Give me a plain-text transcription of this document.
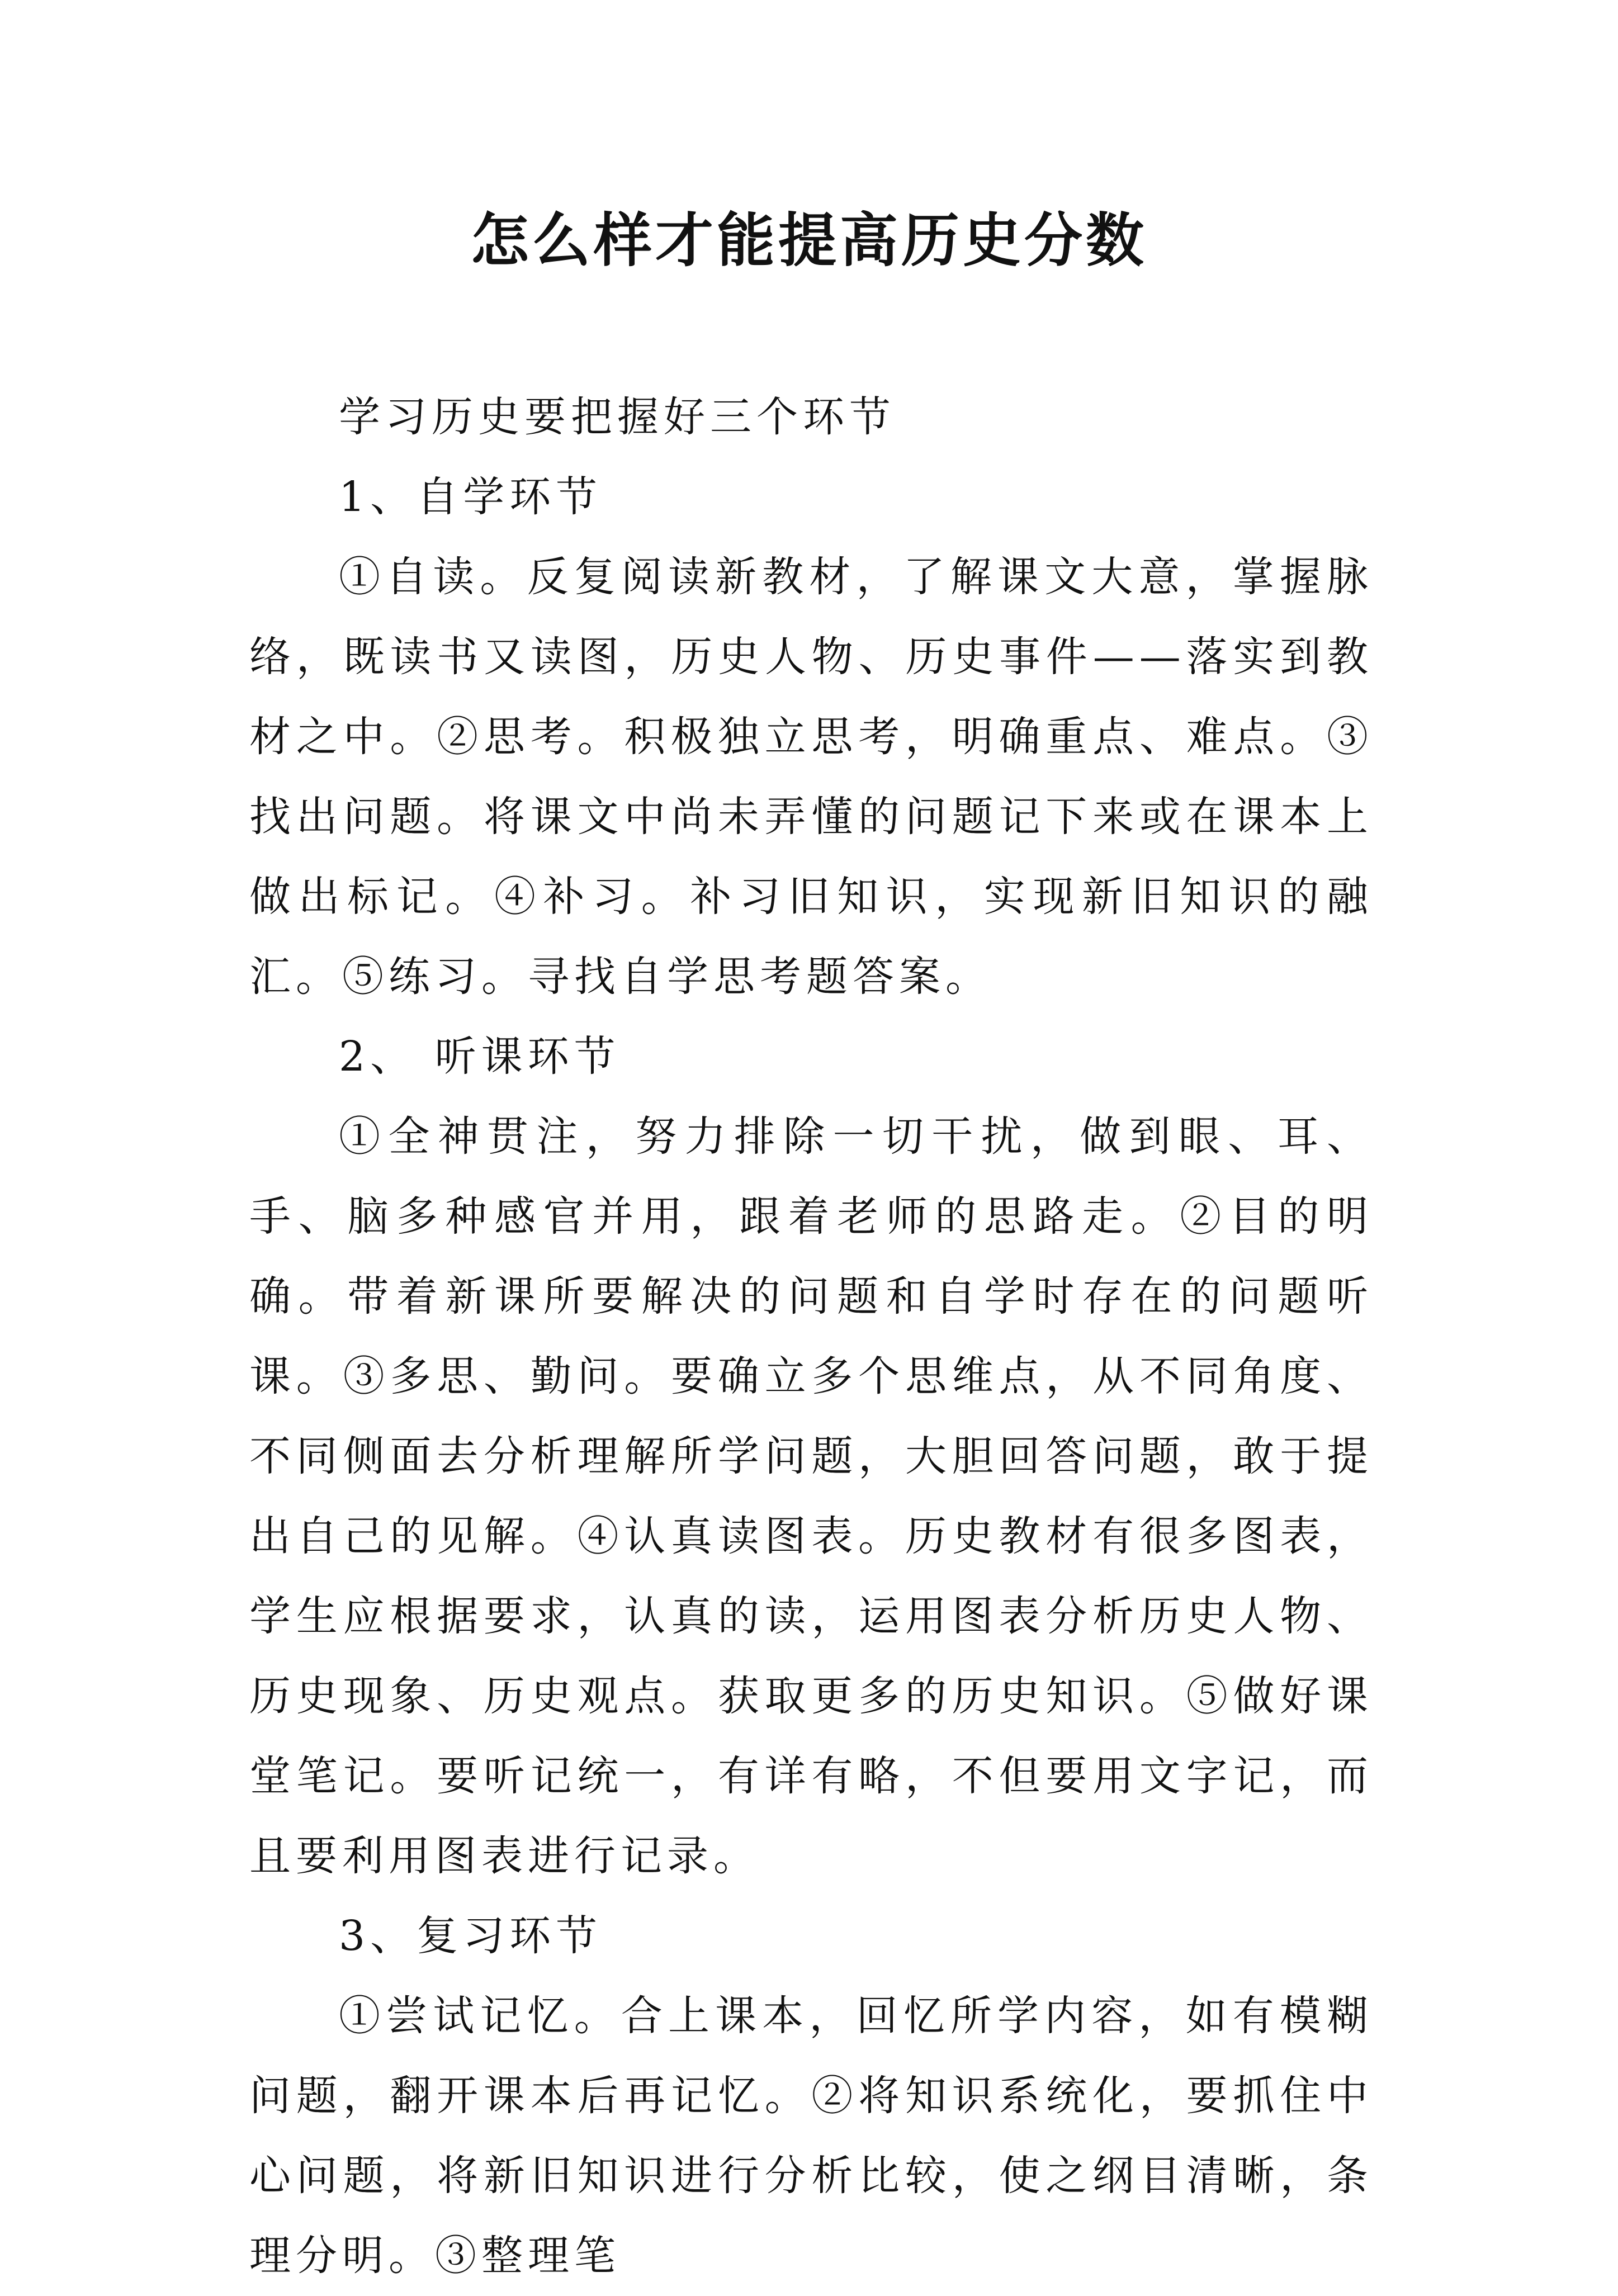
怎么样才能提高历史分数

学习历史要把握好三个环节

1、自学环节

①自读。反复阅读新教材，了解课文大意，掌握脉络，既读书又读图，历史人物、历史事件——落实到教材之中。②思考。积极独立思考，明确重点、难点。③找出问题。将课文中尚未弄懂的问题记下来或在课本上做出标记。④补习。补习旧知识，实现新旧知识的融汇。⑤练习。寻找自学思考题答案。

2、 听课环节

①全神贯注，努力排除一切干扰，做到眼、耳、手、脑多种感官并用，跟着老师的思路走。②目的明确。带着新课所要解决的问题和自学时存在的问题听课。③多思、勤问。要确立多个思维点，从不同角度、不同侧面去分析理解所学问题，大胆回答问题，敢于提出自己的见解。④认真读图表。历史教材有很多图表，学生应根据要求，认真的读，运用图表分析历史人物、历史现象、历史观点。获取更多的历史知识。⑤做好课堂笔记。要听记统一，有详有略，不但要用文字记，而且要利用图表进行记录。

3、复习环节

①尝试记忆。合上课本，回忆所学内容，如有模糊问题，翻开课本后再记忆。②将知识系统化，要抓住中心问题，将新旧知识进行分析比较，使之纲目清晰，条理分明。③整理笔
